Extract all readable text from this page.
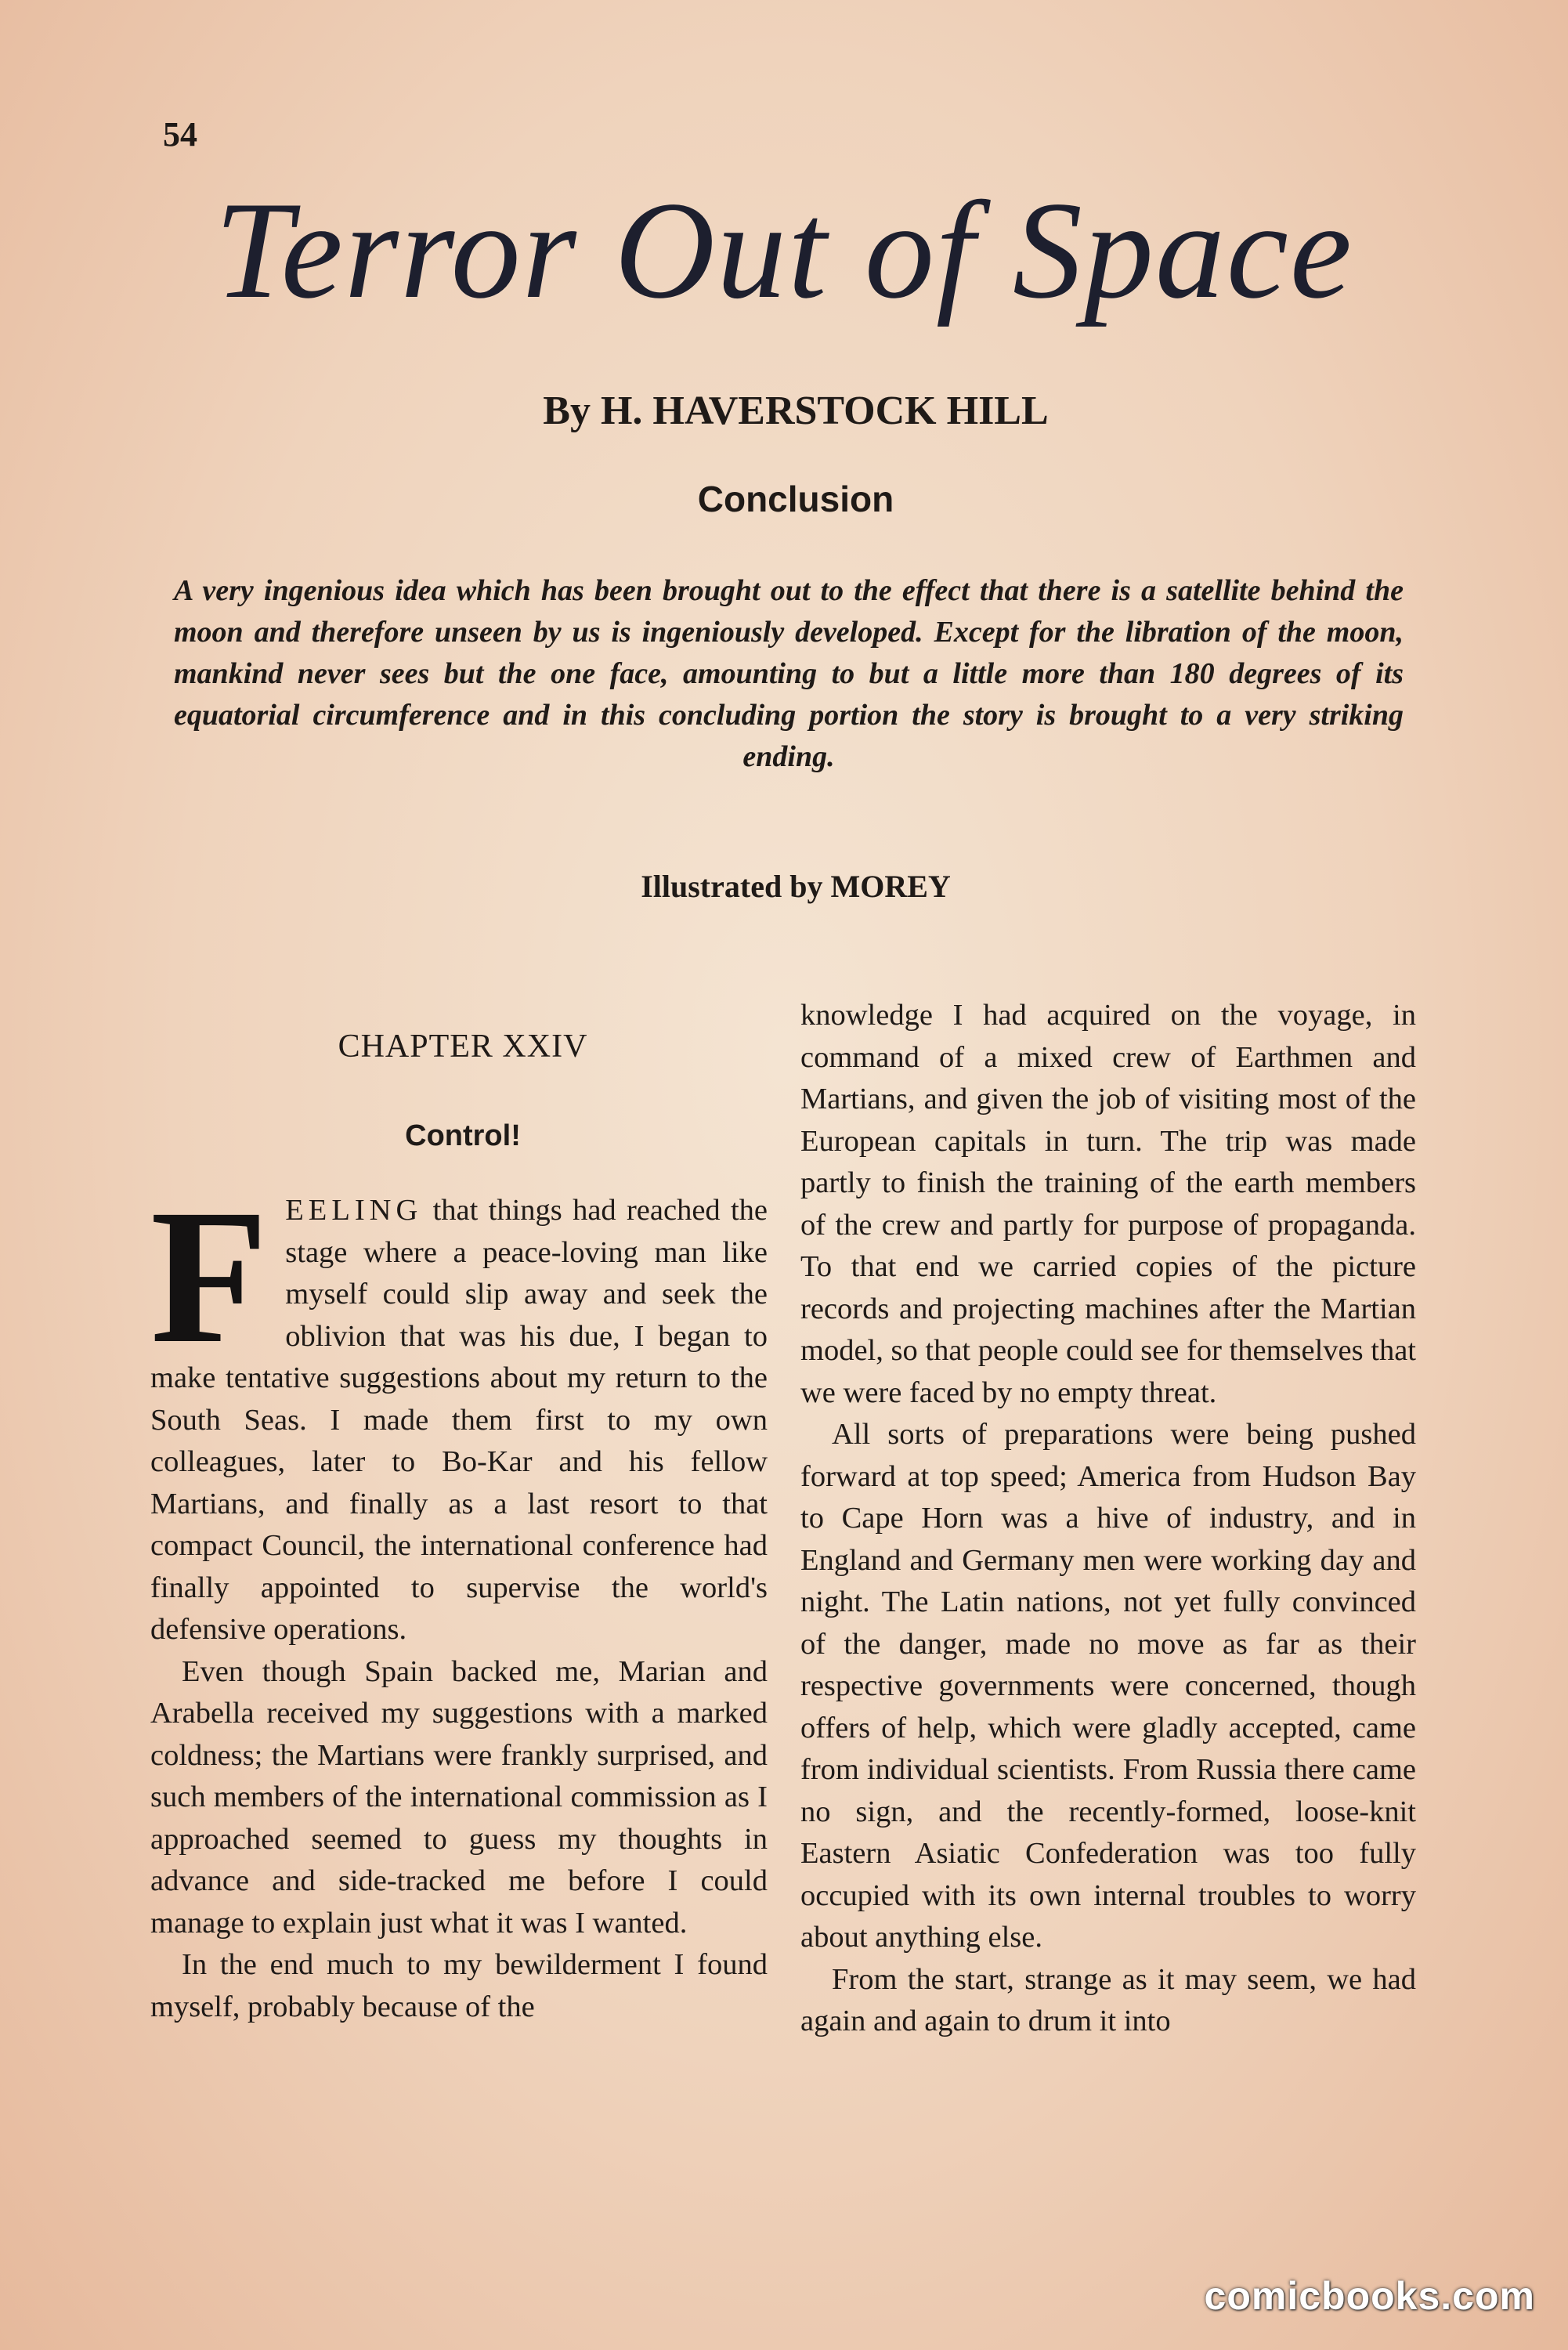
54
Terror Out of Space
By H. HAVERSTOCK HILL
Conclusion
A very ingenious idea which has been brought out to the effect that there is a satellite behind the moon and therefore unseen by us is ingeniously developed. Except for the libration of the moon, mankind never sees but the one face, amounting to but a little more than 180 degrees of its equatorial circumference and in this concluding portion the story is brought to a very striking ending.
Illustrated by MOREY
CHAPTER XXIV
Control!

FEELING that things had reached the stage where a peace-loving man like myself could slip away and seek the oblivion that was his due, I began to make tentative suggestions about my return to the South Seas. I made them first to my own colleagues, later to Bo-Kar and his fellow Martians, and finally as a last resort to that compact Council, the international conference had finally appointed to supervise the world's defensive operations.

Even though Spain backed me, Marian and Arabella received my suggestions with a marked coldness; the Martians were frankly surprised, and such members of the international commission as I approached seemed to guess my thoughts in advance and side-tracked me before I could manage to explain just what it was I wanted.

In the end much to my bewilderment I found myself, probably because of the

knowledge I had acquired on the voyage, in command of a mixed crew of Earthmen and Martians, and given the job of visiting most of the European capitals in turn. The trip was made partly to finish the training of the earth members of the crew and partly for purpose of propaganda. To that end we carried copies of the picture records and projecting machines after the Martian model, so that people could see for themselves that we were faced by no empty threat.

All sorts of preparations were being pushed forward at top speed; America from Hudson Bay to Cape Horn was a hive of industry, and in England and Germany men were working day and night. The Latin nations, not yet fully convinced of the danger, made no move as far as their respective governments were concerned, though offers of help, which were gladly accepted, came from individual scientists. From Russia there came no sign, and the recently-formed, loose-knit Eastern Asiatic Confederation was too fully occupied with its own internal troubles to worry about anything else.

From the start, strange as it may seem, we had again and again to drum it into

comicbooks.com
